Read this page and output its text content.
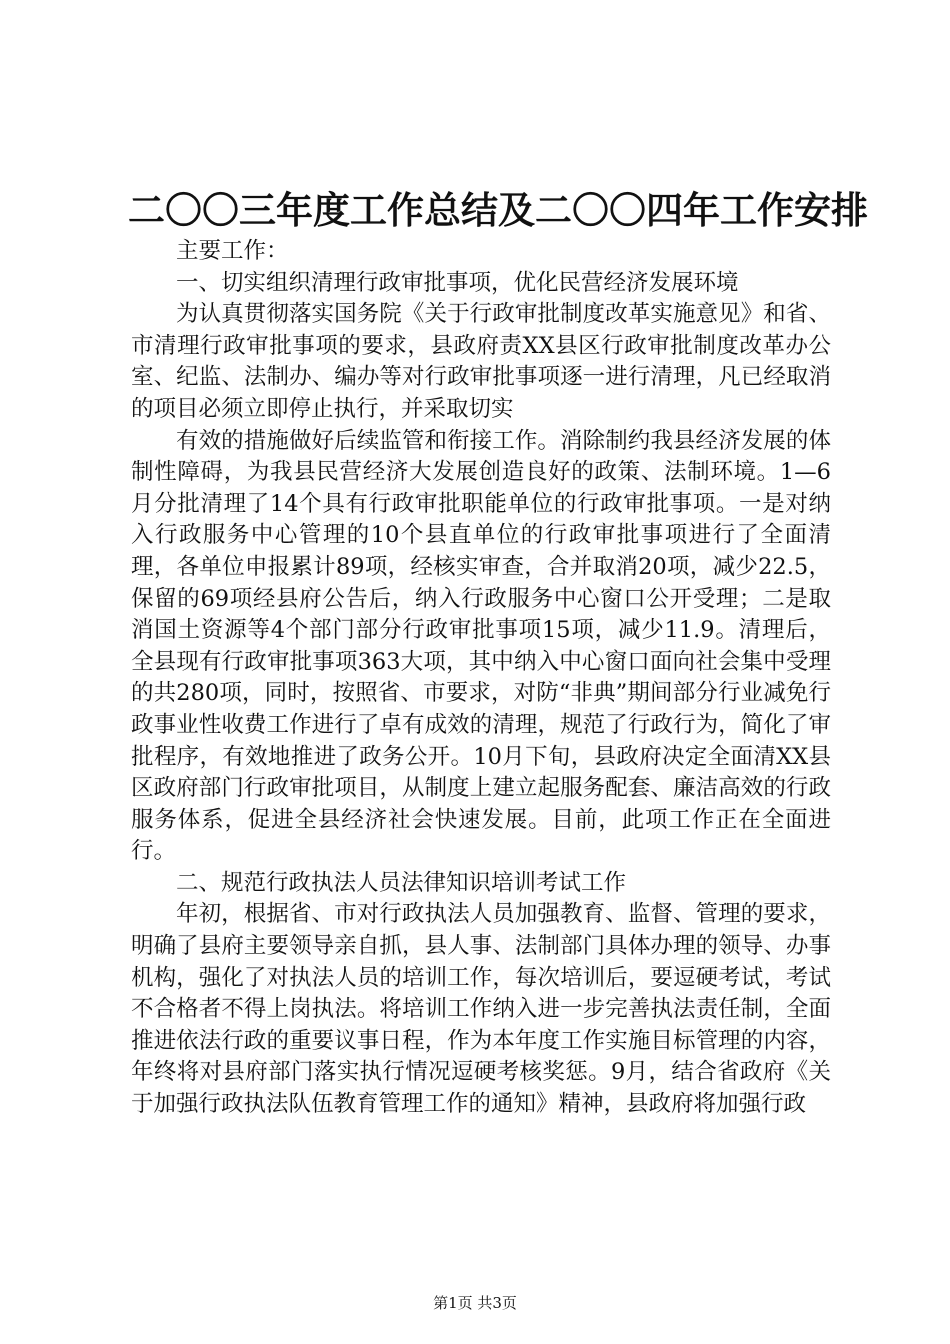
二〇〇三年度工作总结及二〇〇四年工作安排

主要工作：

一、切实组织清理行政审批事项，优化民营经济发展环境

为认真贯彻落实国务院《关于行政审批制度改革实施意见》和省、市清理行政审批事项的要求，县政府责XX县区行政审批制度改革办公室、纪监、法制办、编办等对行政审批事项逐一进行清理，凡已经取消的项目必须立即停止执行，并采取切实

有效的措施做好后续监管和衔接工作。消除制约我县经济发展的体制性障碍，为我县民营经济大发展创造良好的政策、法制环境。1—6月分批清理了14个具有行政审批职能单位的行政审批事项。一是对纳入行政服务中心管理的10个县直单位的行政审批事项进行了全面清理，各单位申报累计89项，经核实审查，合并取消20项，减少22.5，保留的69项经县府公告后，纳入行政服务中心窗口公开受理；二是取消国土资源等4个部门部分行政审批事项15项，减少11.9。清理后，全县现有行政审批事项363大项，其中纳入中心窗口面向社会集中受理的共280项，同时，按照省、市要求，对防“非典”期间部分行业减免行政事业性收费工作进行了卓有成效的清理，规范了行政行为，简化了审批程序，有效地推进了政务公开。10月下旬，县政府决定全面清XX县区政府部门行政审批项目，从制度上建立起服务配套、廉洁高效的行政服务体系，促进全县经济社会快速发展。目前，此项工作正在全面进行。

二、规范行政执法人员法律知识培训考试工作

年初，根据省、市对行政执法人员加强教育、监督、管理的要求，明确了县府主要领导亲自抓，县人事、法制部门具体办理的领导、办事机构，强化了对执法人员的培训工作，每次培训后，要逗硬考试，考试不合格者不得上岗执法。将培训工作纳入进一步完善执法责任制，全面推进依法行政的重要议事日程，作为本年度工作实施目标管理的内容，年终将对县府部门落实执行情况逗硬考核奖惩。9月，结合省政府《关于加强行政执法队伍教育管理工作的通知》精神，县政府将加强行政

第1页 共3页
